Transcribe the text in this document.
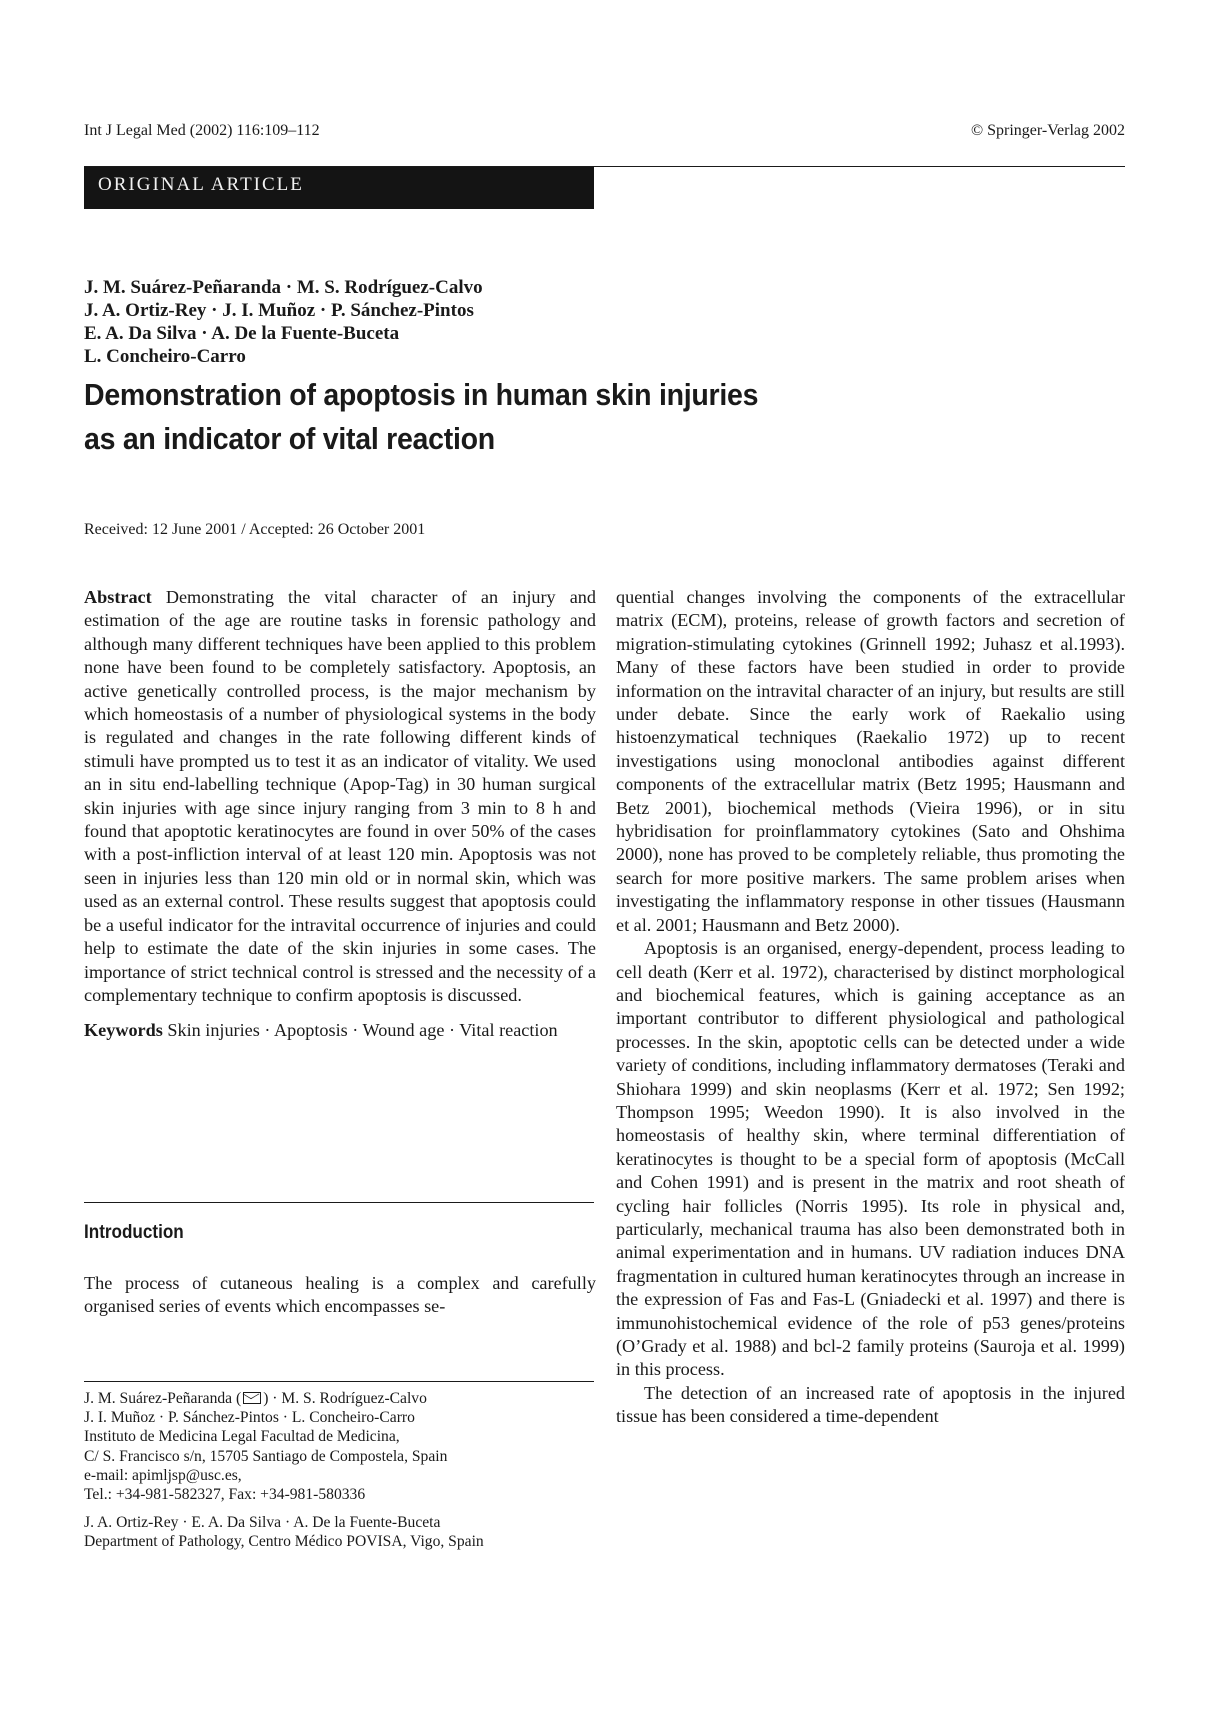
Int J Legal Med (2002) 116:109–112	© Springer-Verlag 2002
ORIGINAL ARTICLE
J. M. Suárez-Peñaranda · M. S. Rodríguez-Calvo
J. A. Ortiz-Rey · J. I. Muñoz · P. Sánchez-Pintos
E. A. Da Silva · A. De la Fuente-Buceta
L. Concheiro-Carro
Demonstration of apoptosis in human skin injuries
as an indicator of vital reaction
Received: 12 June 2001 / Accepted: 26 October 2001

Abstract Demonstrating the vital character of an injury and estimation of the age are routine tasks in forensic pathology and although many different techniques have been applied to this problem none have been found to be completely satisfactory. Apoptosis, an active genetically controlled process, is the major mechanism by which homeostasis of a number of physiological systems in the body is regulated and changes in the rate following different kinds of stimuli have prompted us to test it as an indicator of vitality. We used an in situ end-labelling technique (Apop-Tag) in 30 human surgical skin injuries with age since injury ranging from 3 min to 8 h and found that apoptotic keratinocytes are found in over 50% of the cases with a post-infliction interval of at least 120 min. Apoptosis was not seen in injuries less than 120 min old or in normal skin, which was used as an external control. These results suggest that apoptosis could be a useful indicator for the intravital occurrence of injuries and could help to estimate the date of the skin injuries in some cases. The importance of strict technical control is stressed and the necessity of a complementary technique to confirm apoptosis is discussed.

Keywords Skin injuries · Apoptosis · Wound age · Vital reaction

Introduction

The process of cutaneous healing is a complex and carefully organised series of events which encompasses se-

J. M. Suárez-Peñaranda ( ) · M. S. Rodríguez-Calvo
J. I. Muñoz · P. Sánchez-Pintos · L. Concheiro-Carro
Instituto de Medicina Legal Facultad de Medicina,
C/ S. Francisco s/n, 15705 Santiago de Compostela, Spain
e-mail: apimljsp@usc.es,
Tel.: +34-981-582327, Fax: +34-981-580336
J. A. Ortiz-Rey · E. A. Da Silva · A. De la Fuente-Buceta
Department of Pathology, Centro Médico POVISA, Vigo, Spain

quential changes involving the components of the extracellular matrix (ECM), proteins, release of growth factors and secretion of migration-stimulating cytokines (Grinnell 1992; Juhasz et al.1993). Many of these factors have been studied in order to provide information on the intravital character of an injury, but results are still under debate. Since the early work of Raekalio using histoenzymatical techniques (Raekalio 1972) up to recent investigations using monoclonal antibodies against different components of the extracellular matrix (Betz 1995; Hausmann and Betz 2001), biochemical methods (Vieira 1996), or in situ hybridisation for proinflammatory cytokines (Sato and Ohshima 2000), none has proved to be completely reliable, thus promoting the search for more positive markers. The same problem arises when investigating the inflammatory response in other tissues (Hausmann et al. 2001; Hausmann and Betz 2000).

Apoptosis is an organised, energy-dependent, process leading to cell death (Kerr et al. 1972), characterised by distinct morphological and biochemical features, which is gaining acceptance as an important contributor to different physiological and pathological processes. In the skin, apoptotic cells can be detected under a wide variety of conditions, including inflammatory dermatoses (Teraki and Shiohara 1999) and skin neoplasms (Kerr et al. 1972; Sen 1992; Thompson 1995; Weedon 1990). It is also involved in the homeostasis of healthy skin, where terminal differentiation of keratinocytes is thought to be a special form of apoptosis (McCall and Cohen 1991) and is present in the matrix and root sheath of cycling hair follicles (Norris 1995). Its role in physical and, particularly, mechanical trauma has also been demonstrated both in animal experimentation and in humans. UV radiation induces DNA fragmentation in cultured human keratinocytes through an increase in the expression of Fas and Fas-L (Gniadecki et al. 1997) and there is immunohistochemical evidence of the role of p53 genes/proteins (O’Grady et al. 1988) and bcl-2 family proteins (Sauroja et al. 1999) in this process.

The detection of an increased rate of apoptosis in the injured tissue has been considered a time-dependent
